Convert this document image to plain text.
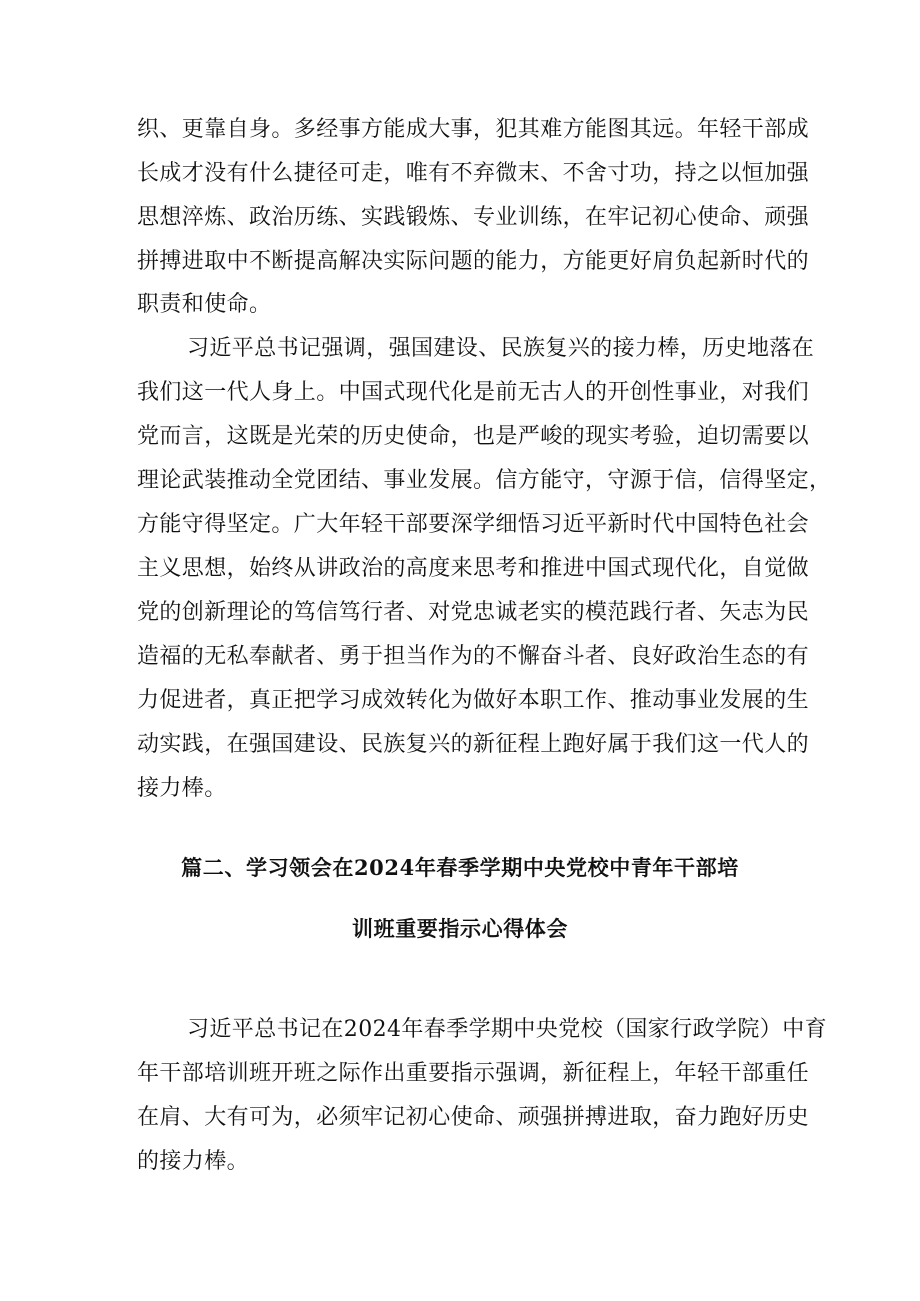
织、更靠自身。多经事方能成大事，犯其难方能图其远。年轻干部成
长成才没有什么捷径可走，唯有不弃微末、不舍寸功，持之以恒加强
思想淬炼、政治历练、实践锻炼、专业训练，在牢记初心使命、顽强
拼搏进取中不断提高解决实际问题的能力，方能更好肩负起新时代的
职责和使命。
习近平总书记强调，强国建设、民族复兴的接力棒，历史地落在
我们这一代人身上。中国式现代化是前无古人的开创性事业，对我们
党而言，这既是光荣的历史使命，也是严峻的现实考验，迫切需要以
理论武装推动全党团结、事业发展。信方能守，守源于信，信得坚定，
方能守得坚定。广大年轻干部要深学细悟习近平新时代中国特色社会
主义思想，始终从讲政治的高度来思考和推进中国式现代化，自觉做
党的创新理论的笃信笃行者、对党忠诚老实的模范践行者、矢志为民
造福的无私奉献者、勇于担当作为的不懈奋斗者、良好政治生态的有
力促进者，真正把学习成效转化为做好本职工作、推动事业发展的生
动实践，在强国建设、民族复兴的新征程上跑好属于我们这一代人的
接力棒。
篇二、学习领会在2024年春季学期中央党校中青年干部培
训班重要指示心得体会
习近平总书记在2024年春季学期中央党校（国家行政学院）中育
年干部培训班开班之际作出重要指示强调，新征程上，年轻干部重任
在肩、大有可为，必须牢记初心使命、顽强拼搏进取，奋力跑好历史
的接力棒。
